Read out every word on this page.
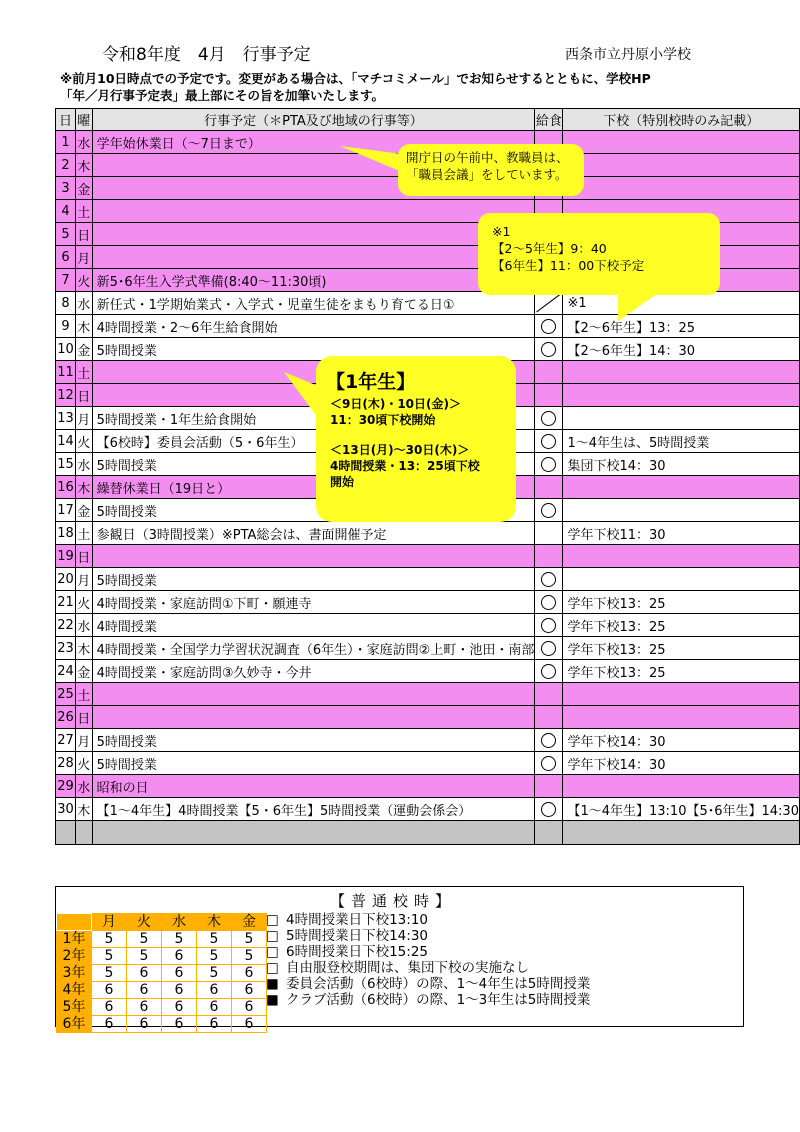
令和8年度　4月　行事予定	西条市立丹原小学校
※前月10日時点での予定です。変更がある場合は、「マチコミメール」でお知らせするとともに、学校HP
「年／月行事予定表」最上部にその旨を加筆いたします。
日	曜	行事予定（＊PTA及び地域の行事等）	給食	下校（特別校時のみ記載）
1	水	学年始休業日（～7日まで）		
2	木			
3	金			
4	土			
5	日			
6	月			
7	火	新5･6年生入学式準備(8:40～11:30頃)		
8	水	新任式・1学期始業式・入学式・児童生徒をまもり育てる日①		※1
9	木	4時間授業・2～6年生給食開始		【2～6年生】13：25
10	金	5時間授業		【2～6年生】14：30
11	土			
12	日			
13	月	5時間授業・1年生給食開始		
14	火	【6校時】委員会活動（5・6年生）		1～4年生は、5時間授業
15	水	5時間授業		集団下校14：30
16	木	繰替休業日（19日と）		
17	金	5時間授業		
18	土	参観日（3時間授業）※PTA総会は、書面開催予定		学年下校11：30
19	日			
20	月	5時間授業		
21	火	4時間授業・家庭訪問①下町・願連寺		学年下校13：25
22	水	4時間授業		学年下校13：25
23	木	4時間授業・全国学力学習状況調査（6年生）・家庭訪問②上町・池田・南部		学年下校13：25
24	金	4時間授業・家庭訪問③久妙寺・今井		学年下校13：25
25	土			
26	日			
27	月	5時間授業		学年下校14：30
28	火	5時間授業		学年下校14：30
29	水	昭和の日		
30	木	【1～4年生】4時間授業【5・6年生】5時間授業（運動会係会）		【1～4年生】13:10【5･6年生】14:30

開庁日の午前中、教職員は、
「職員会議」をしています。
※1
【2～5年生】9：40
【6年生】11：00下校予定
【1年生】
＜9日(木)・10日(金)＞
11：30頃下校開始
＜13日(月)～30日(木)＞
4時間授業・13：25頃下校
開始
【普通校時】
	月	火	水	木	金
1年	5	5	5	5	5
2年	5	5	6	5	5
3年	5	6	6	5	6
4年	6	6	6	6	6
5年	6	6	6	6	6
6年	6	6	6	6	6
□ 4時間授業日下校13:10
□ 5時間授業日下校14:30
□ 6時間授業日下校15:25
□ 自由服登校期間は、集団下校の実施なし
■ 委員会活動（6校時）の際、1～4年生は5時間授業
■ クラブ活動（6校時）の際、1～3年生は5時間授業
